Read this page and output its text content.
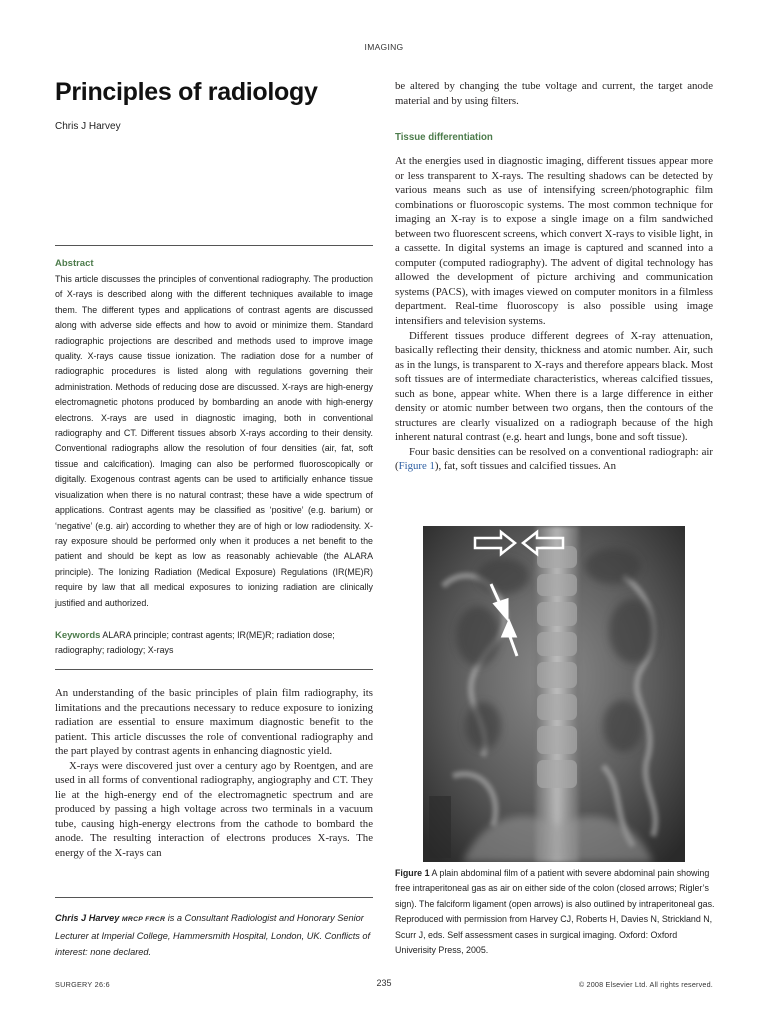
IMAGING
Principles of radiology
Chris J Harvey
Abstract

This article discusses the principles of conventional radiography. The production of X-rays is described along with the different techniques available to image them. The different types and applications of contrast agents are discussed along with adverse side effects and how to avoid or minimize them. Standard radiographic projections are described and methods used to improve image quality. X-rays cause tissue ionization. The radiation dose for a number of radiographic procedures is listed along with regulations governing their administration. Methods of reducing dose are discussed. X-rays are high-energy electromagnetic photons produced by bombarding an anode with high-energy electrons. X-rays are used in diagnostic imaging, both in conventional radiography and CT. Different tissues absorb X-rays according to their density. Conventional radiographs allow the resolution of four densities (air, fat, soft tissue and calcification). Imaging can also be performed fluoroscopically or digitally. Exogenous contrast agents can be used to artificially enhance tissue visualization when there is no natural contrast; these have a wide spectrum of applications. Contrast agents may be classified as ‘positive’ (e.g. barium) or ‘negative’ (e.g. air) according to whether they are of high or low radiodensity. X-ray exposure should be performed only when it produces a net benefit to the patient and should be kept as low as reasonably achievable (the ALARA principle). The Ionizing Radiation (Medical Exposure) Regulations (IR(ME)R) require by law that all medical exposures to ionizing radiation are clinically justified and authorized.

Keywords ALARA principle; contrast agents; IR(ME)R; radiation dose; radiography; radiology; X-rays

An understanding of the basic principles of plain film radiography, its limitations and the precautions necessary to reduce exposure to ionizing radiation are essential to ensure maximum diagnostic benefit to the patient. This article discusses the role of conventional radiography and the part played by contrast agents in enhancing diagnostic yield.

X-rays were discovered just over a century ago by Roentgen, and are used in all forms of conventional radiography, angiography and CT. They lie at the high-energy end of the electromagnetic spectrum and are produced by passing a high voltage across two terminals in a vacuum tube, causing high-energy electrons from the cathode to bombard the anode. The resulting interaction of electrons produces X-rays. The energy of the X-rays can

Chris J Harvey MRCP FRCR is a Consultant Radiologist and Honorary Senior Lecturer at Imperial College, Hammersmith Hospital, London, UK. Conflicts of interest: none declared.

be altered by changing the tube voltage and current, the target anode material and by using filters.

Tissue differentiation

At the energies used in diagnostic imaging, different tissues appear more or less transparent to X-rays. The resulting shadows can be detected by various means such as use of intensifying screen/photographic film combinations or fluoroscopic systems. The most common technique for imaging an X-ray is to expose a single image on a film sandwiched between two fluorescent screens, which convert X-rays to visible light, in a cassette. In digital systems an image is captured and scanned into a computer (computed radiography). The advent of digital technology has allowed the development of picture archiving and communication systems (PACS), with images viewed on computer monitors in a filmless department. Real-time fluoroscopy is also possible using image intensifiers and television systems.

Different tissues produce different degrees of X-ray attenuation, basically reflecting their density, thickness and atomic number. Air, such as in the lungs, is transparent to X-rays and therefore appears black. Most soft tissues are of intermediate characteristics, whereas calcified tissues, such as bone, appear white. When there is a large difference in either density or atomic number between two organs, then the contours of the structures are clearly visualized on a radiograph because of the high inherent natural contrast (e.g. heart and lungs, bone and soft tissue).

Four basic densities can be resolved on a conventional radiograph: air (Figure 1), fat, soft tissues and calcified tissues. An

Figure 1 A plain abdominal film of a patient with severe abdominal pain showing free intraperitoneal gas as air on either side of the colon (closed arrows; Rigler’s sign). The falciform ligament (open arrows) is also outlined by intraperitoneal gas. Reproduced with permission from Harvey CJ, Roberts H, Davies N, Strickland N, Scurr J, eds. Self assessment cases in surgical imaging. Oxford: Oxford Univerisity Press, 2005.

SURGERY 26:6	235	© 2008 Elsevier Ltd. All rights reserved.
